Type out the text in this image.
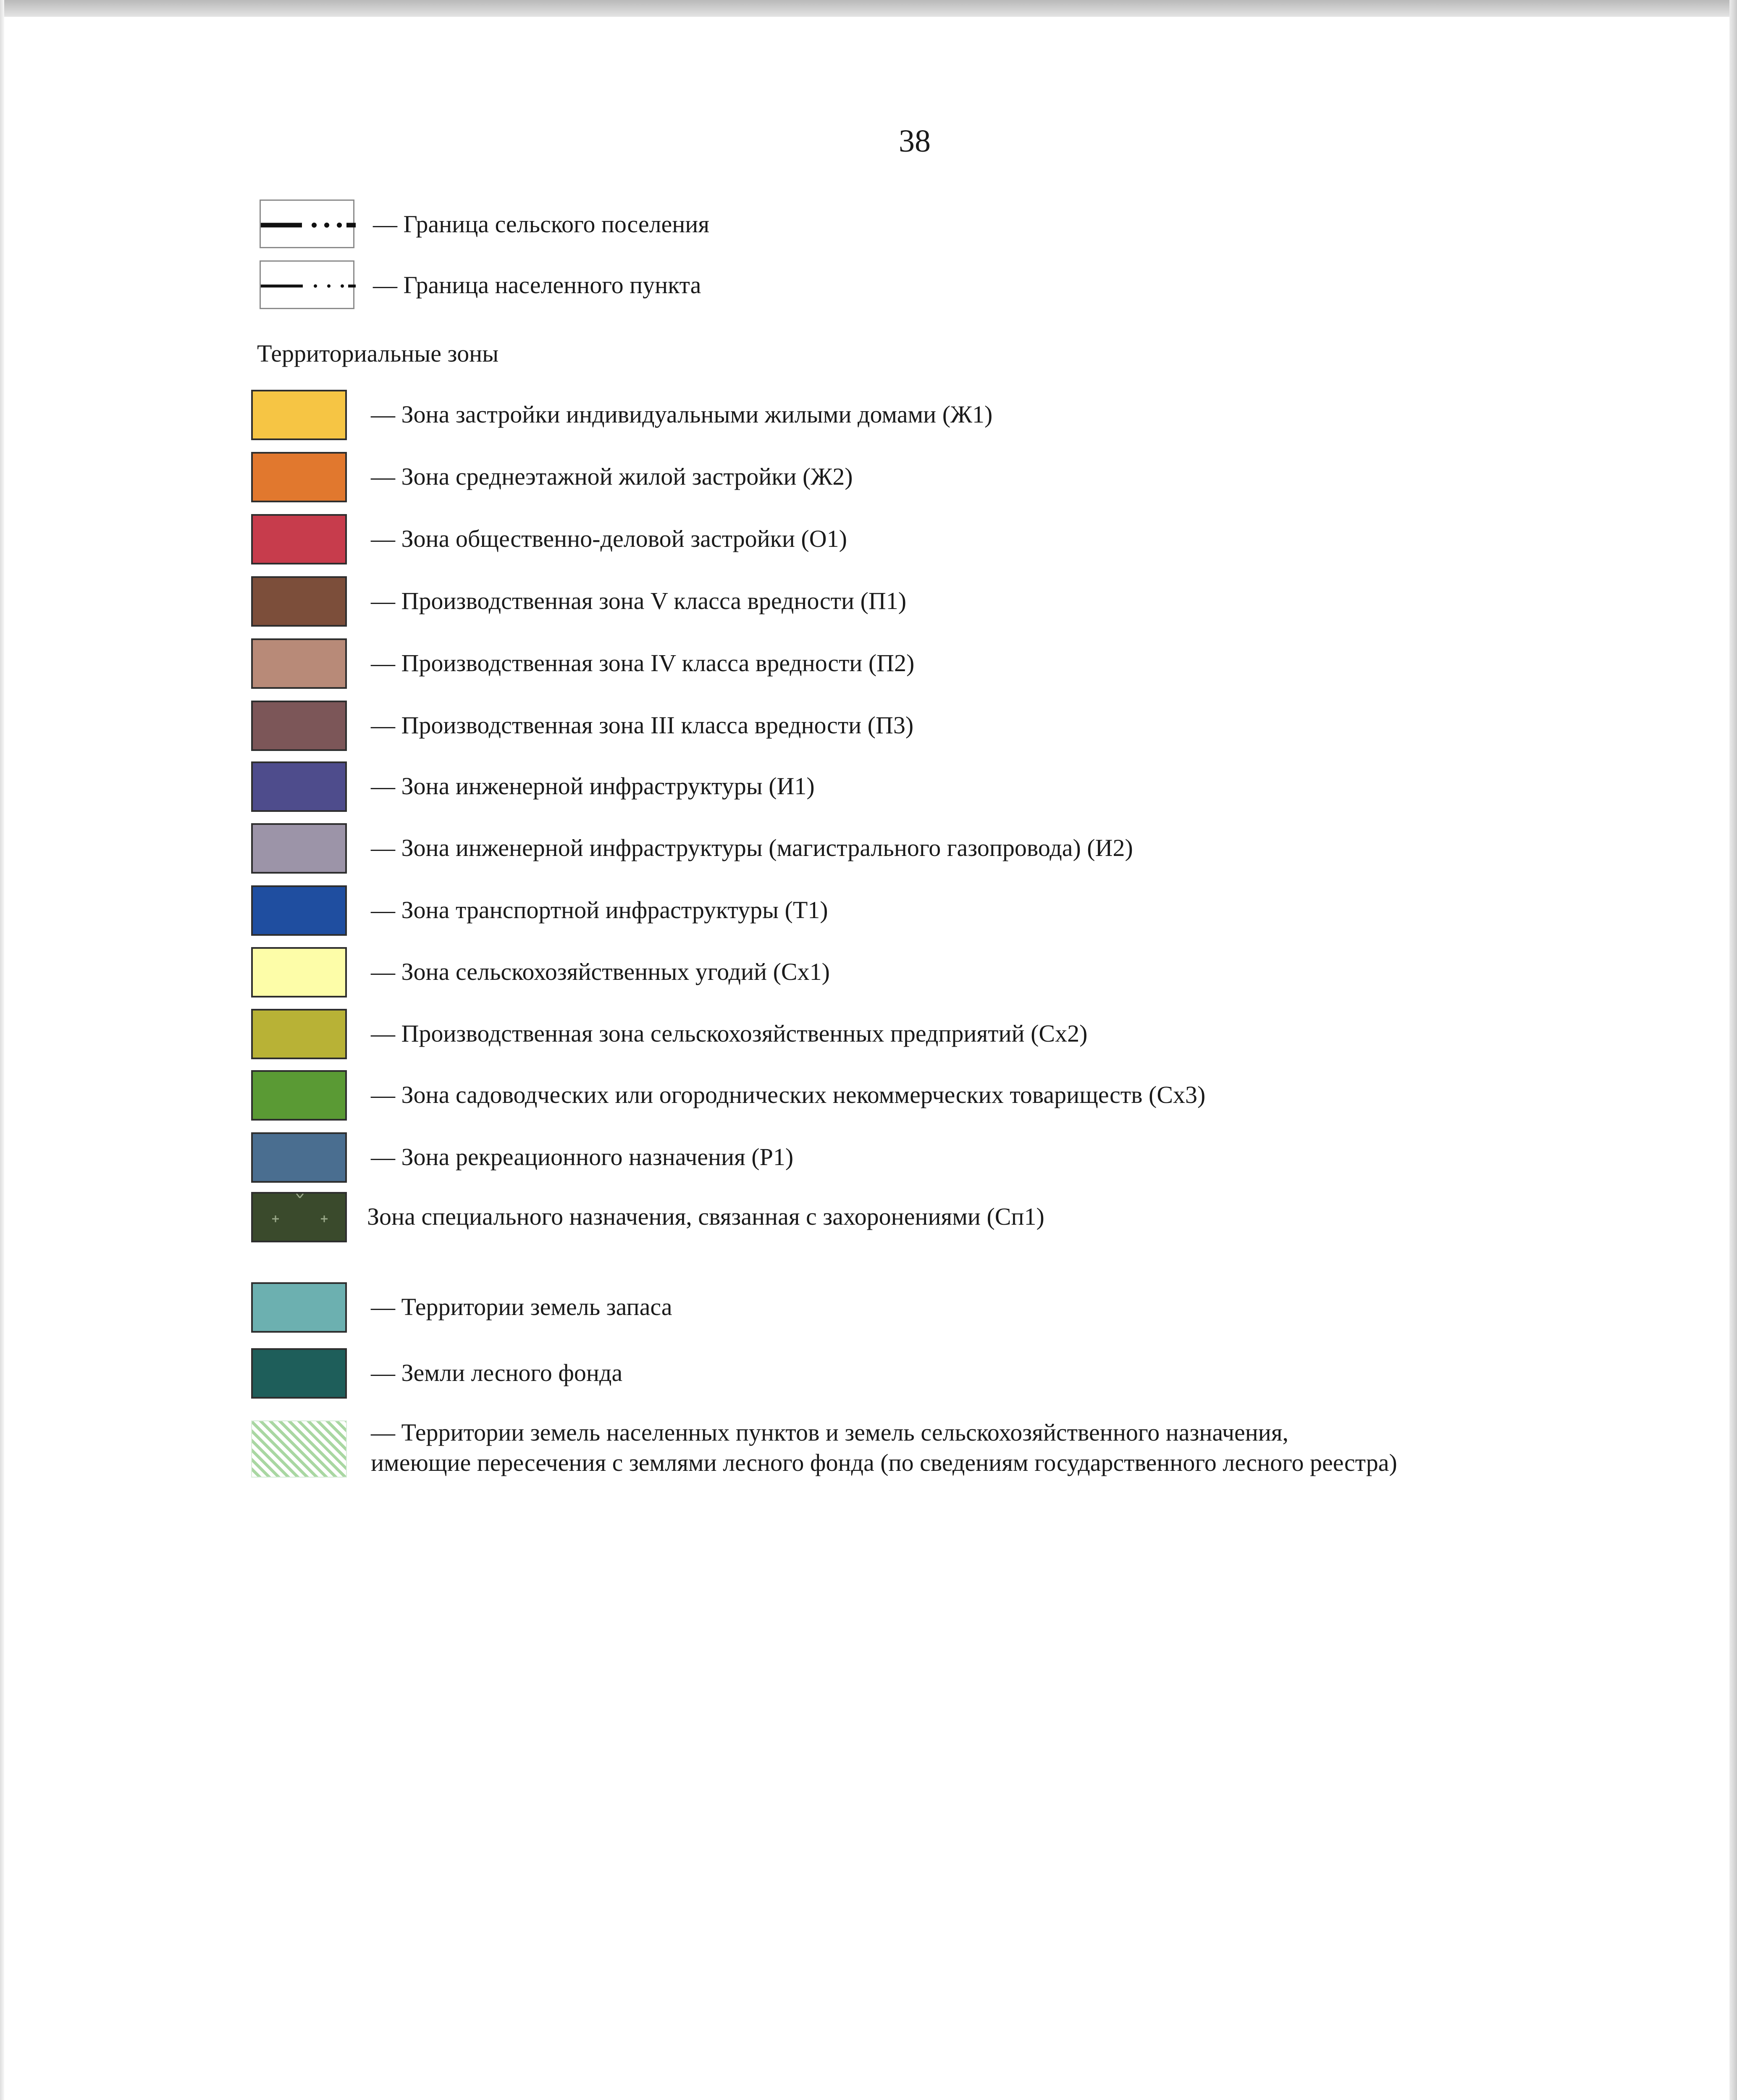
38
— Граница сельского поселения
— Граница населенного пункта
Территориальные зоны
— Зона застройки индивидуальными жилыми домами (Ж1)
— Зона среднеэтажной жилой застройки (Ж2)
— Зона общественно-деловой застройки (О1)
— Производственная зона V класса вредности (П1)
— Производственная зона IV класса вредности (П2)
— Производственная зона III класса вредности (П3)
— Зона инженерной инфраструктуры (И1)
— Зона инженерной инфраструктуры (магистрального газопровода) (И2)
— Зона транспортной инфраструктуры (Т1)
— Зона сельскохозяйственных угодий (Сх1)
— Производственная зона сельскохозяйственных предприятий (Сх2)
— Зона садоводческих или огороднических некоммерческих товариществ (Сх3)
— Зона рекреационного назначения (Р1)
Зона специального назначения, связанная с захоронениями (Сп1)
— Территории земель запаса
— Земли лесного фонда
— Территории земель населенных пунктов и земель сельскохозяйственного назначения,
имеющие пересечения с землями лесного фонда (по сведениям государственного лесного реестра)
